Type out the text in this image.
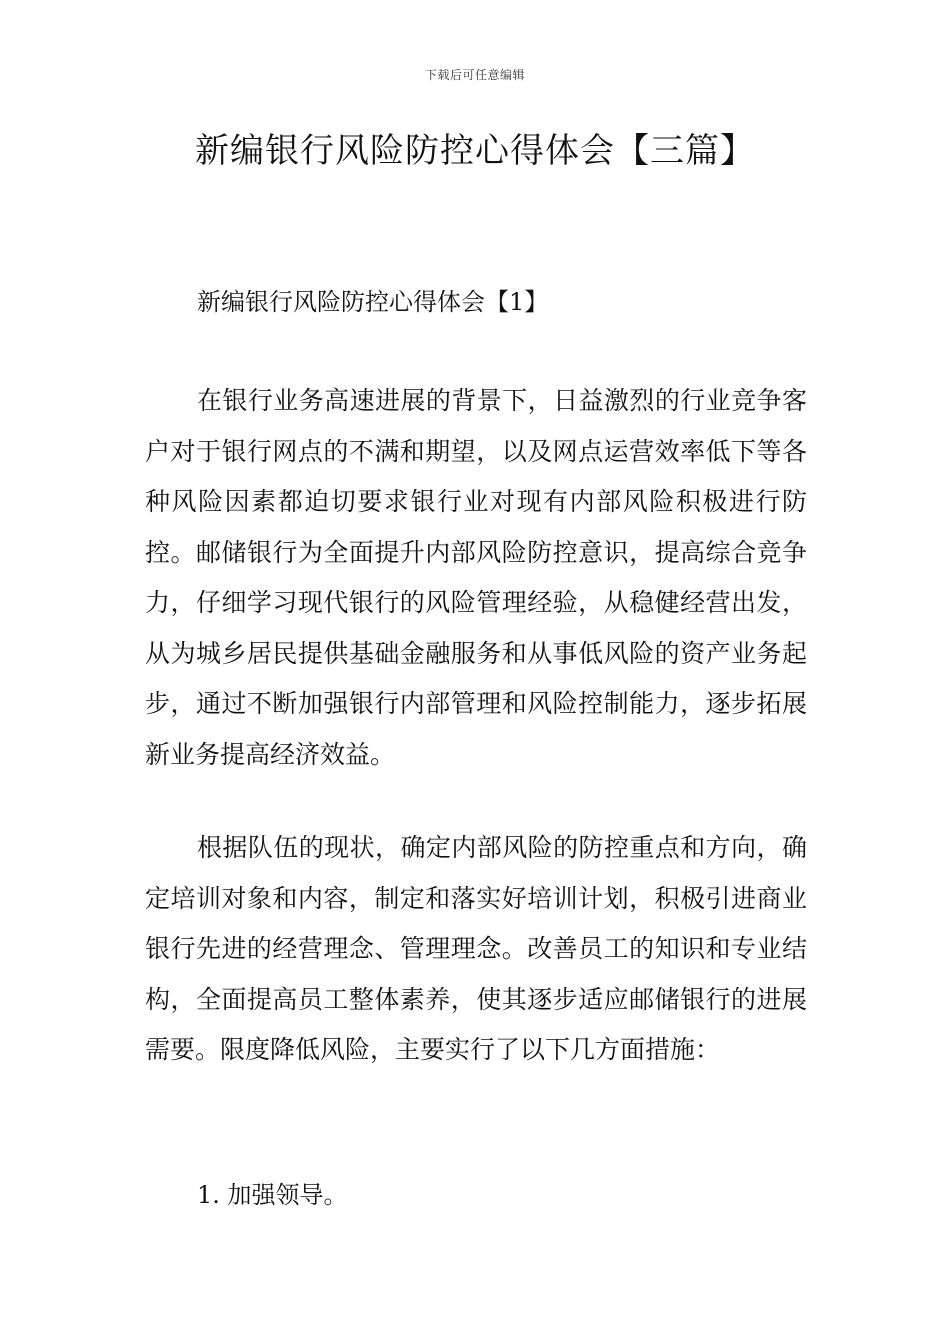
下载后可任意编辑
新编银行风险防控心得体会【三篇】
新编银行风险防控心得体会【1】

在银行业务高速进展的背景下，日益激烈的行业竞争客户对于银行网点的不满和期望，以及网点运营效率低下等各种风险因素都迫切要求银行业对现有内部风险积极进行防控。邮储银行为全面提升内部风险防控意识，提高综合竞争力，仔细学习现代银行的风险管理经验，从稳健经营出发，从为城乡居民提供基础金融服务和从事低风险的资产业务起步，通过不断加强银行内部管理和风险控制能力，逐步拓展新业务提高经济效益。

根据队伍的现状，确定内部风险的防控重点和方向，确定培训对象和内容，制定和落实好培训计划，积极引进商业银行先进的经营理念、管理理念。改善员工的知识和专业结构，全面提高员工整体素养，使其逐步适应邮储银行的进展需要。限度降低风险，主要实行了以下几方面措施：

1. 加强领导。
